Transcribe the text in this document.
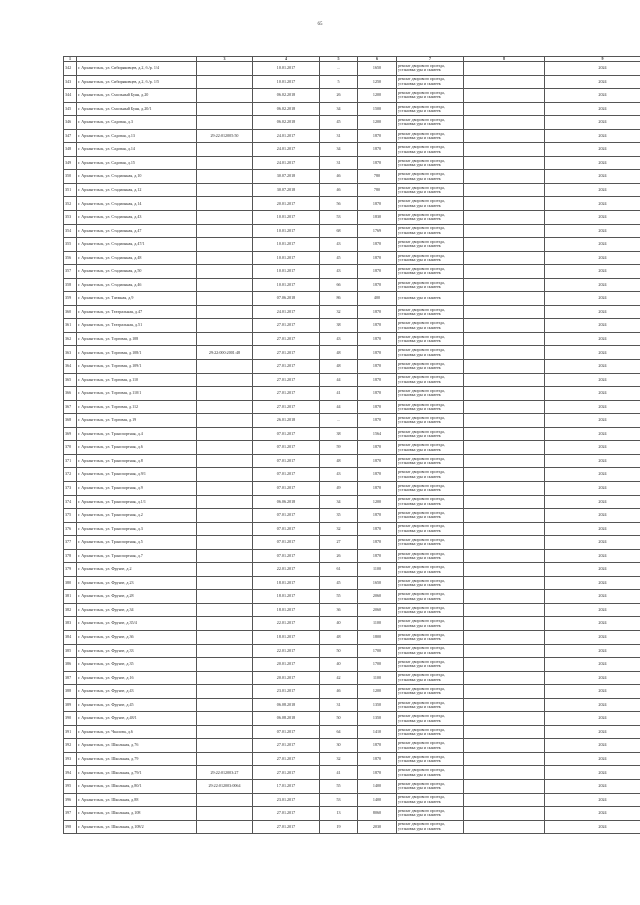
65
1		3	4	5	6	7	8	9
342	г. Архангельск, ул. Сибиряковцев, д.2, б./р. 1/4		10.01.2017	...	1650	ремонт дворового проезда, установка урн и скамеек		2024
343	г. Архангельск, ул. Сибиряковцев, д.2, б./р. 1/5		10.01.2017	5	1250	ремонт дворового проезда, установка урн и скамеек		2024
344	г. Архангельск, ул. Смольный Буян, д.20		06.02.2018	26	1200	ремонт дворового проезда, установка урн и скамеек		2024
345	г. Архангельск, ул. Смольный Буян, д.20/1		06.02.2018	34	1500	ремонт дворового проезда, установка урн и скамеек		2024
346	г. Архангельск, ул. Садовая, д.3		06.02.2018	45	1200	ремонт дворового проезда, установка урн и скамеек		2024
347	г. Архангельск, ул. Садовая, д.13	29:22:012005:50	24.01.2017	31	1870	ремонт дворового проезда, установка урн и скамеек		2024
348	г. Архангельск, ул. Садовая, д.14		24.01.2017	34	1870	ремонт дворового проезда, установка урн и скамеек		2024
349	г. Архангельск, ул. Садовая, д.15		24.01.2017	31	1870	ремонт дворового проезда, установка урн и скамеек		2024
350	г. Архангельск, ул. Стадионная, д.10		30.07.2018	46	780	ремонт дворового проезда, установка урн и скамеек		2024
351	г. Архангельск, ул. Стадионная, д.12		30.07.2018	46	780	ремонт дворового проезда, установка урн и скамеек		2024
352	г. Архангельск, ул. Стадионная, д.14		20.01.2017	56	1870	ремонт дворового проезда, установка урн и скамеек		2024
353	г. Архангельск, ул. Стадионная, д.43		10.01.2017	53	1830	ремонт дворового проезда, установка урн и скамеек		2024
354	г. Архангельск, ул. Стадионная, д.47		10.01.2017	68	1769	ремонт дворового проезда, установка урн и скамеек		2024
355	г. Архангельск, ул. Стадионная, д.47/1		10.01.2017	43	1870	ремонт дворового проезда, установка урн и скамеек		2024
356	г. Архангельск, ул. Стадионная, д.48		10.01.2017	45	1870	ремонт дворового проезда, установка урн и скамеек		2024
357	г. Архангельск, ул. Стадионная, д.50		10.01.2017	43	1870	ремонт дворового проезда, установка урн и скамеек		2024
358	г. Архангельск, ул. Стадионная, д.46		10.01.2017	66	1870	ремонт дворового проезда, установка урн и скамеек		2024
359	г. Архангельск, ул. Таежная, д.9		07.06.2018	86	400	установка урн и скамеек		2024
360	г. Архангельск, ул. Театральная, д.47		24.01.2017	32	1870	ремонт дворового проезда, установка урн и скамеек		2024
361	г. Архангельск, ул. Театральная, д.51		27.01.2017	38	1870	ремонт дворового проезда, установка урн и скамеек		2024
362	г. Архангельск, ул. Торговая, д.108		27.01.2017	43	1870	ремонт дворового проезда, установка урн и скамеек		2024
363	г. Архангельск, ул. Торговая, д.108/1	29:22:000:2001:48	27.01.2017	48	1870	ремонт дворового проезда, установка урн и скамеек		2024
364	г. Архангельск, ул. Торговая, д.109/1		27.01.2017	48	1870	ремонт дворового проезда, установка урн и скамеек		2024
365	г. Архангельск, ул. Торговая, д.110		27.01.2017	44	1870	ремонт дворового проезда, установка урн и скамеек		2024
366	г. Архангельск, ул. Торговая, д.110/1		27.01.2017	41	1870	ремонт дворового проезда, установка урн и скамеек		2024
367	г. Архангельск, ул. Торговая, д.112		27.01.2017	44	1870	ремонт дворового проезда, установка урн и скамеек		2024
368	г. Архангельск, ул. Торговая, д.19		26.01.2018	...	1870	ремонт дворового проезда, установка урн и скамеек		2024
369	г. Архангельск, ул. Транспортная, д.4		07.01.2017	38	1564	ремонт дворового проезда, установка урн и скамеек		2024
370	г. Архангельск, ул. Транспортная, д.6		07.01.2017	59	1870	ремонт дворового проезда, установка урн и скамеек		2024
371	г. Архангельск, ул. Транспортная, д.8		07.01.2017	48	1870	ремонт дворового проезда, установка урн и скамеек		2024
372	г. Архангельск, ул. Транспортная, д.9/1		07.01.2017	43	1870	ремонт дворового проезда, установка урн и скамеек		2024
373	г. Архангельск, ул. Транспортная, д.9		07.01.2017	49	1870	ремонт дворового проезда, установка урн и скамеек		2024
374	г. Архангельск, ул. Транспортная, д.1/1		06.06.2018	34	1200	ремонт дворового проезда, установка урн и скамеек		2024
375	г. Архангельск, ул. Транспортная, д.2		07.01.2017	35	1870	ремонт дворового проезда, установка урн и скамеек		2024
376	г. Архангельск, ул. Транспортная, д.3		07.01.2017	32	1870	ремонт дворового проезда, установка урн и скамеек		2024
377	г. Архангельск, ул. Транспортная, д.5		07.01.2017	27	1870	ремонт дворового проезда, установка урн и скамеек		2024
378	г. Архангельск, ул. Транспортная, д.7		07.01.2017	26	1870	ремонт дворового проезда, установка урн и скамеек		2024
379	г. Архангельск, ул. Фрунзе, д.2		22.01.2017	61	1100	ремонт дворового проезда, установка урн и скамеек		2024
380	г. Архангельск, ул. Фрунзе, д.23		18.01.2017	45	1650	ремонт дворового проезда, установка урн и скамеек		2024
381	г. Архангельск, ул. Фрунзе, д.28		18.01.2017	55	2060	ремонт дворового проезда, установка урн и скамеек		2024
382	г. Архангельск, ул. Фрунзе, д.34		18.01.2017	36	2060	ремонт дворового проезда, установка урн и скамеек		2024
383	г. Архангельск, ул. Фрунзе, д.35/4		22.01.2017	40	1100	ремонт дворового проезда, установка урн и скамеек		2024
384	г. Архангельск, ул. Фрунзе, д.36		18.01.2017	48	1800	ремонт дворового проезда, установка урн и скамеек		2024
385	г. Архангельск, ул. Фрунзе, д.33		22.01.2017	50	1700	ремонт дворового проезда, установка урн и скамеек		2024
386	г. Архангельск, ул. Фрунзе, д.35		20.01.2017	40	1700	ремонт дворового проезда, установка урн и скамеек		2024
387	г. Архангельск, ул. Фрунзе, д.16		20.01.2017	42	1100	ремонт дворового проезда, установка урн и скамеек		2024
388	г. Архангельск, ул. Фрунзе, д.43		23.01.2017	46	1200	ремонт дворового проезда, установка урн и скамеек		2024
389	г. Архангельск, ул. Фрунзе, д.45		06.08.2018	31	1350	ремонт дворового проезда, установка урн и скамеек		2024
390	г. Архангельск, ул. Фрунзе, д.48/1		06.08.2018	50	1350	ремонт дворового проезда, установка урн и скамеек		2024
391	г. Архангельск, ул. Чкалова, д.6		07.01.2017	64	1410	ремонт дворового проезда, установка урн и скамеек		2024
392	г. Архангельск, ул. Школьная, д.76		27.01.2017	30	1870	ремонт дворового проезда, установка урн и скамеек		2024
393	г. Архангельск, ул. Школьная, д.79		27.01.2017	32	1870	ремонт дворового проезда, установка урн и скамеек		2024
394	г. Архангельск, ул. Школьная, д.79/1	29:22:012003:27	27.01.2017	41	1870	ремонт дворового проезда, установка урн и скамеек		2024
395	г. Архангельск, ул. Школьная, д.80/1	29:22:012003:0064	17.01.2017	55	1400	ремонт дворового проезда, установка урн и скамеек		2024
396	г. Архангельск, ул. Школьная, д.88		23.01.2017	53	1400	ремонт дворового проезда, установка урн и скамеек		2024
397	г. Архангельск, ул. Школьная, д.108		27.01.2017	13	8060	ремонт дворового проезда, установка урн и скамеек		2024
398	г. Архангельск, ул. Школьная, д.108/2		27.01.2017	19	2030	ремонт дворового проезда, установка урн и скамеек		2024
